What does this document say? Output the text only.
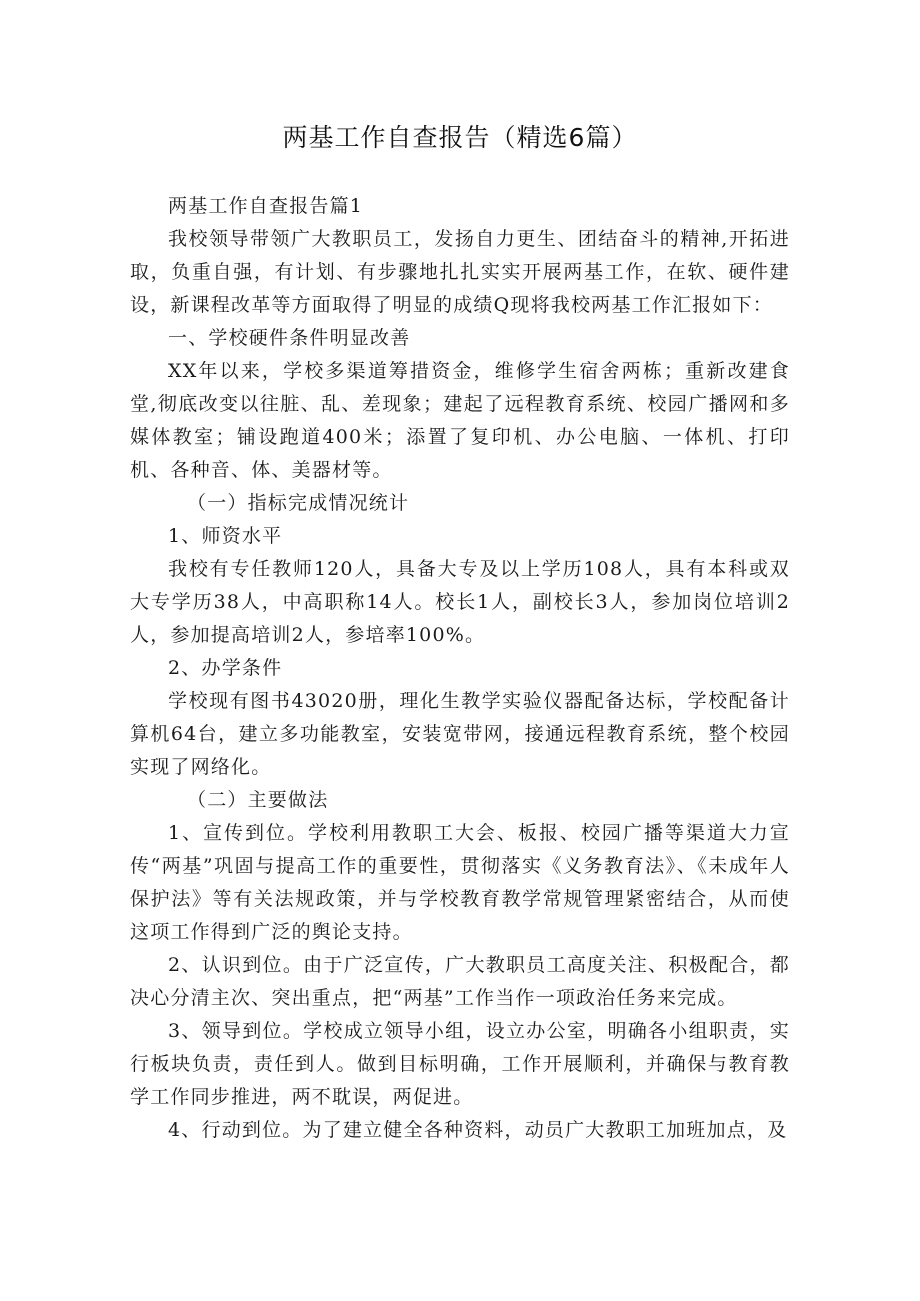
两基工作自查报告（精选6篇）

两基工作自查报告篇1

我校领导带领广大教职员工，发扬自力更生、团结奋斗的精神,开拓进取，负重自强，有计划、有步骤地扎扎实实开展两基工作，在软、硬件建设，新课程改革等方面取得了明显的成绩Q现将我校两基工作汇报如下：

一、学校硬件条件明显改善

XX年以来，学校多渠道筹措资金，维修学生宿舍两栋；重新改建食堂,彻底改变以往脏、乱、差现象；建起了远程教育系统、校园广播网和多媒体教室；铺设跑道400米；添置了复印机、办公电脑、一体机、打印机、各种音、体、美器材等。

（一）指标完成情况统计

1、师资水平

我校有专任教师120人，具备大专及以上学历108人，具有本科或双大专学历38人，中高职称14人。校长1人，副校长3人，参加岗位培训2人，参加提高培训2人，参培率100%。

2、办学条件

学校现有图书43020册，理化生教学实验仪器配备达标，学校配备计算机64台，建立多功能教室，安装宽带网，接通远程教育系统，整个校园实现了网络化。

（二）主要做法

1、宣传到位。学校利用教职工大会、板报、校园广播等渠道大力宣传“两基”巩固与提高工作的重要性，贯彻落实《义务教育法》、《未成年人保护法》等有关法规政策，并与学校教育教学常规管理紧密结合，从而使这项工作得到广泛的舆论支持。

2、认识到位。由于广泛宣传，广大教职员工高度关注、积极配合，都决心分清主次、突出重点，把“两基”工作当作一项政治任务来完成。

3、领导到位。学校成立领导小组，设立办公室，明确各小组职责，实行板块负责，责任到人。做到目标明确，工作开展顺利，并确保与教育教学工作同步推进，两不耽误，两促进。

4、行动到位。为了建立健全各种资料，动员广大教职工加班加点，及
